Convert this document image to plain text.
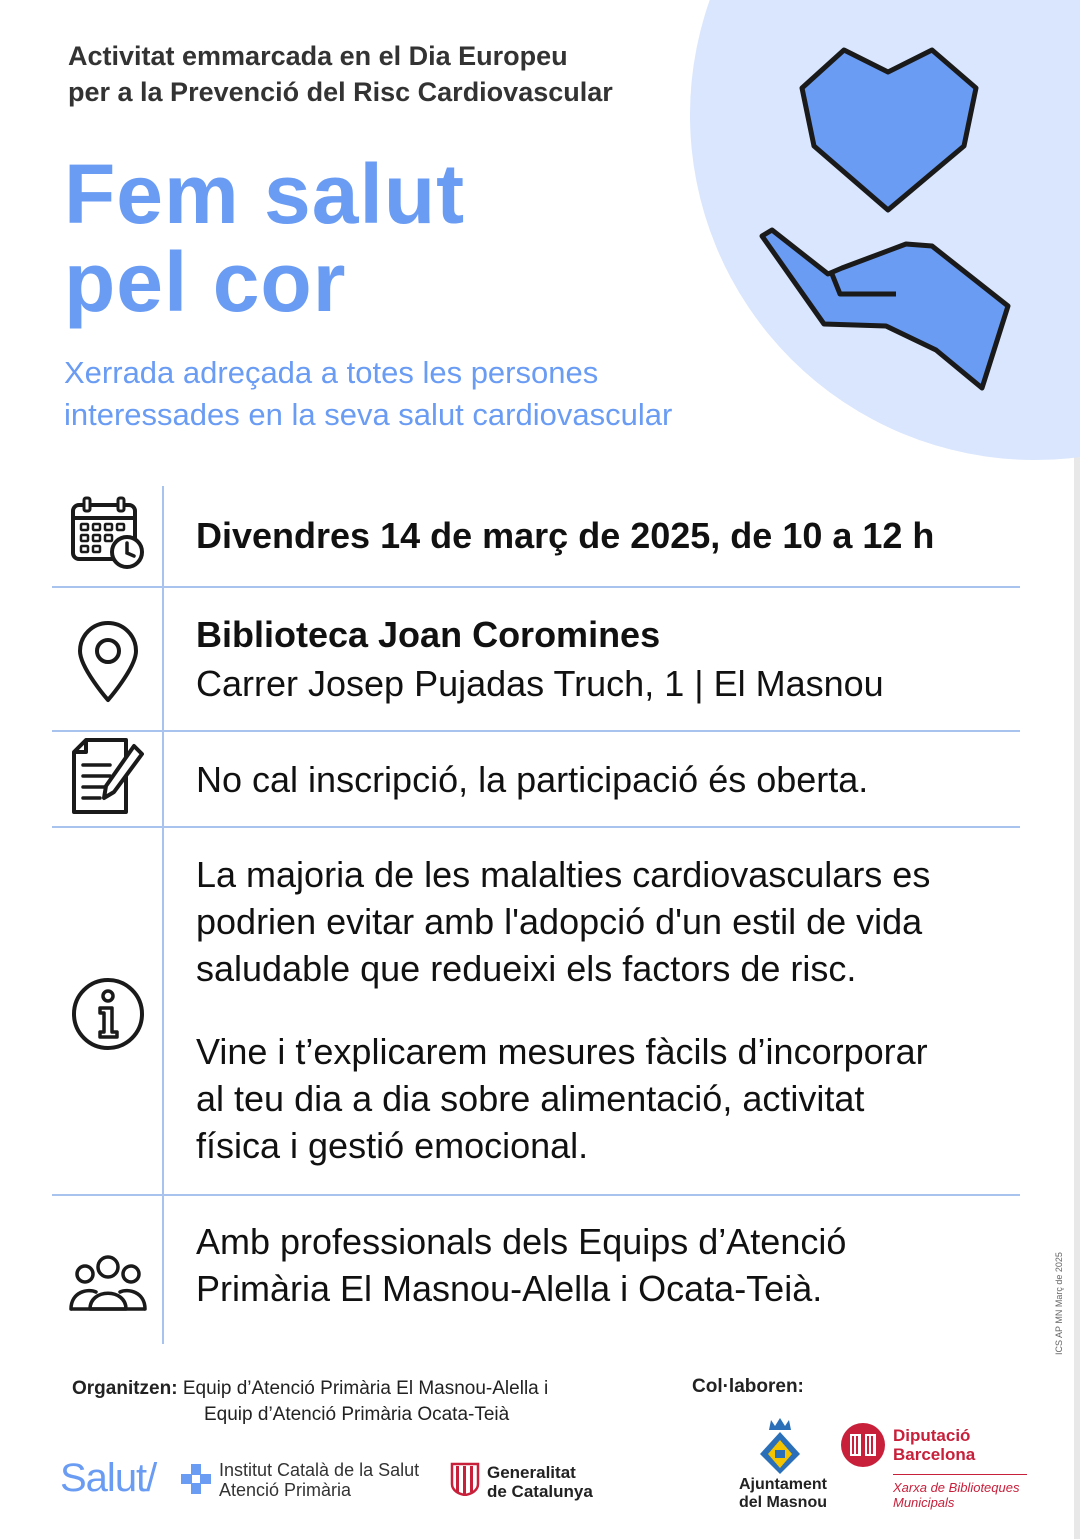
Activitat emmarcada en el Dia Europeu
per a la Prevenció del Risc Cardiovascular
Fem salut
pel cor
Xerrada adreçada a totes les persones
interessades en la seva salut cardiovascular
Divendres 14 de març de 2025, de 10 a 12 h
Biblioteca Joan Coromines
Carrer Josep Pujadas Truch, 1 | El Masnou
No cal inscripció, la participació és oberta.
La majoria de les malalties cardiovasculars es
podrien evitar amb l'adopció d'un estil de vida
saludable que redueixi els factors de risc.
Vine i t’explicarem mesures fàcils d’incorporar
al teu dia a dia sobre alimentació, activitat
física i gestió emocional.
Amb professionals dels Equips d’Atenció
Primària El Masnou-Alella i Ocata-Teià.
Organitzen: Equip d’Atenció Primària El Masnou-Alella i
Equip d’Atenció Primària Ocata-Teià
Col·laboren:
Salut/	Institut Català de la Salut
Atenció Primària
Generalitat
de Catalunya	Ajuntament
del Masnou
Diputació
Barcelona
Xarxa de Biblioteques
Municipals
ICS AP MN Març de 2025
